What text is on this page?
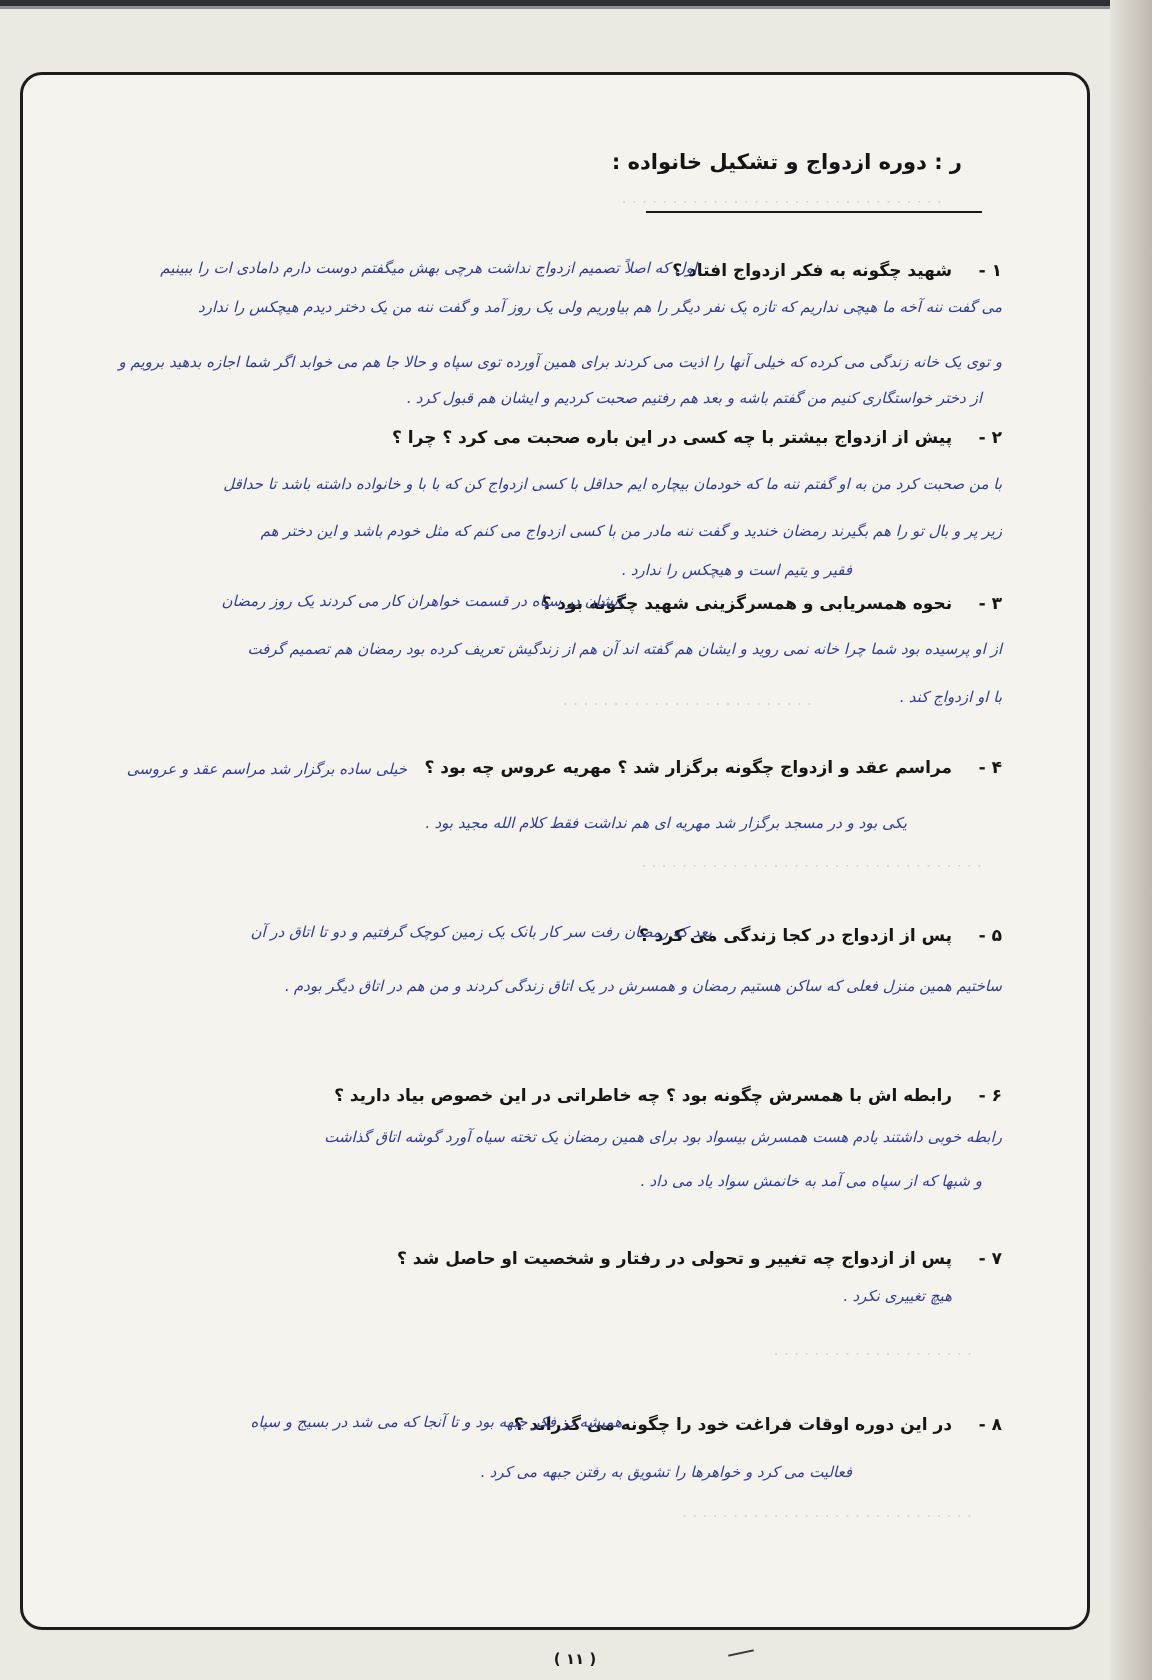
. . . . . . . . . . . . . . . . . . . . . . . . . . . . . . . .
ر : دوره ازدواج و تشکیل خانواده :
۱ - شهید چگونه به فکر ازدواج افتاد ؟
اول که اصلاً تصمیم ازدواج نداشت هرچی بهش میگفتم دوست دارم دامادی ات را ببینیم
می گفت ننه آخه ما هیچی نداریم که تازه یک نفر دیگر را هم بیاوریم ولی یک روز آمد و گفت ننه من یک دختر دیدم هیچکس را ندارد
و توی یک خانه زندگی می کرده که خیلی آنها را اذیت می کردند برای همین آورده توی سپاه و حالا جا هم می خوابد اگر شما اجازه بدهید برویم و
از دختر خواستگاری کنیم من گفتم باشه و بعد هم رفتیم صحبت کردیم و ایشان هم قبول کرد .
۲ - پیش از ازدواج بیشتر با چه کسی در این باره صحبت می کرد ؟ چرا ؟
با من صحبت کرد من به او گفتم ننه ما که خودمان بیچاره ایم حداقل با کسی ازدواج کن که با با و خانواده داشته باشد تا حداقل
زیر پر و بال تو را هم بگیرند رمضان خندید و گفت ننه مادر من با کسی ازدواج می کنم که مثل خودم باشد و این دختر هم
فقیر و یتیم است و هیچکس را ندارد .
۳ - نحوه همسریابی و همسرگزینی شهید چگونه بود ؟
ایشان در سپاه در قسمت خواهران کار می کردند یک روز رمضان
از او پرسیده بود شما چرا خانه نمی روید و ایشان هم گفته اند آن هم از زندگیش تعریف کرده بود رمضان هم تصمیم گرفت
با او ازدواج کند .
. . . . . . . . . . . . . . . . . . . . . . . . .
۴ - مراسم عقد و ازدواج چگونه برگزار شد ؟ مهریه عروس چه بود ؟
خیلی ساده برگزار شد مراسم عقد و عروسی
یکی بود و در مسجد برگزار شد مهریه ای هم نداشت فقط کلام الله مجید بود .
. . . . . . . . . . . . . . . . . . . . . . . . . . . . . . . . . .
۵ - پس از ازدواج در کجا زندگی می کرد ؟
بعد که رمضان رفت سر کار بانک یک زمین کوچک گرفتیم و دو تا اتاق در آن
ساختیم همین منزل فعلی که ساکن هستیم رمضان و همسرش در یک اتاق زندگی کردند و من هم در اتاق دیگر بودم .
۶ - رابطه اش با همسرش چگونه بود ؟ چه خاطراتی در این خصوص بیاد دارید ؟
رابطه خوبی داشتند یادم هست همسرش بیسواد بود برای همین رمضان یک تخته سیاه آورد گوشه اتاق گذاشت
و شبها که از سپاه می آمد به خانمش سواد یاد می داد .
۷ - پس از ازدواج چه تغییر و تحولی در رفتار و شخصیت او حاصل شد ؟
هیچ تغییری نکرد .
. . . . . . . . . . . . . . . . . . . .
۸ - در این دوره اوقات فراغت خود را چگونه می گذراند ؟
همیشه در فکر جبهه بود و تا آنجا که می شد در بسیج و سپاه
فعالیت می کرد و خواهرها را تشویق به رفتن جبهه می کرد .
. . . . . . . . . . . . . . . . . . . . . . . . . . . . .
( ۱۱ )
